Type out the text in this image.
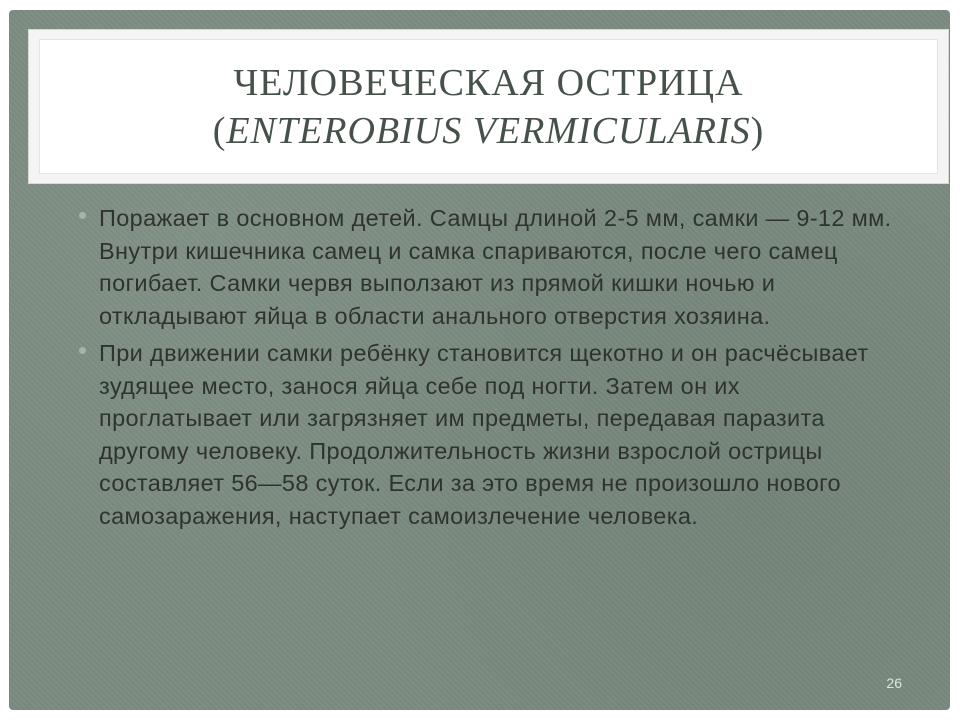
ЧЕЛОВЕЧЕСКАЯ ОСТРИЦА
(ENTEROBIUS VERMICULARIS)
Поражает в основном детей. Самцы длиной 2-5 мм, самки — 9-12 мм. Внутри кишечника самец и самка спариваются, после чего самец погибает. Самки червя выползают из прямой кишки ночью и откладывают яйца в области анального отверстия хозяина.
При движении самки ребёнку становится щекотно и он расчёсывает зудящее место, занося яйца себе под ногти. Затем он их проглатывает или загрязняет им предметы, передавая паразита другому человеку. Продолжительность жизни взрослой острицы составляет 56—58 суток. Если за это время не произошло нового самозаражения, наступает самоизлечение человека.
26
